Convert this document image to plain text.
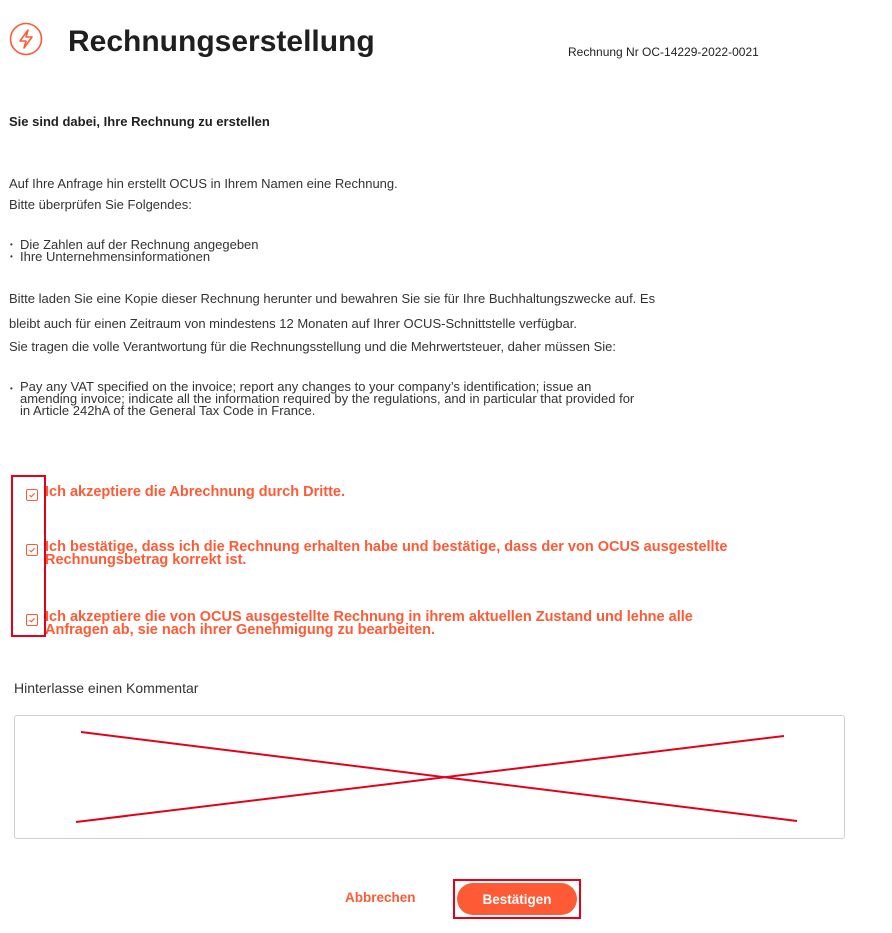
Rechnungserstellung	Rechnung Nr OC-14229-2022-0021
Sie sind dabei, Ihre Rechnung zu erstellen
Auf Ihre Anfrage hin erstellt OCUS in Ihrem Namen eine Rechnung.
Bitte überprüfen Sie Folgendes:
• Die Zahlen auf der Rechnung angegeben
• Ihre Unternehmensinformationen
Bitte laden Sie eine Kopie dieser Rechnung herunter und bewahren Sie sie für Ihre Buchhaltungszwecke auf. Es
bleibt auch für einen Zeitraum von mindestens 12 Monaten auf Ihrer OCUS-Schnittstelle verfügbar.
Sie tragen die volle Verantwortung für die Rechnungsstellung und die Mehrwertsteuer, daher müssen Sie:
• Pay any VAT specified on the invoice; report any changes to your company’s identification; issue an
amending invoice; indicate all the information required by the regulations, and in particular that provided for
in Article 242hA of the General Tax Code in France.
Ich akzeptiere die Abrechnung durch Dritte.
Ich bestätige, dass ich die Rechnung erhalten habe und bestätige, dass der von OCUS ausgestellte
Rechnungsbetrag korrekt ist.
Ich akzeptiere die von OCUS ausgestellte Rechnung in ihrem aktuellen Zustand und lehne alle
Anfragen ab, sie nach ihrer Genehmigung zu bearbeiten.
Hinterlasse einen Kommentar
Abbrechen	Bestätigen
